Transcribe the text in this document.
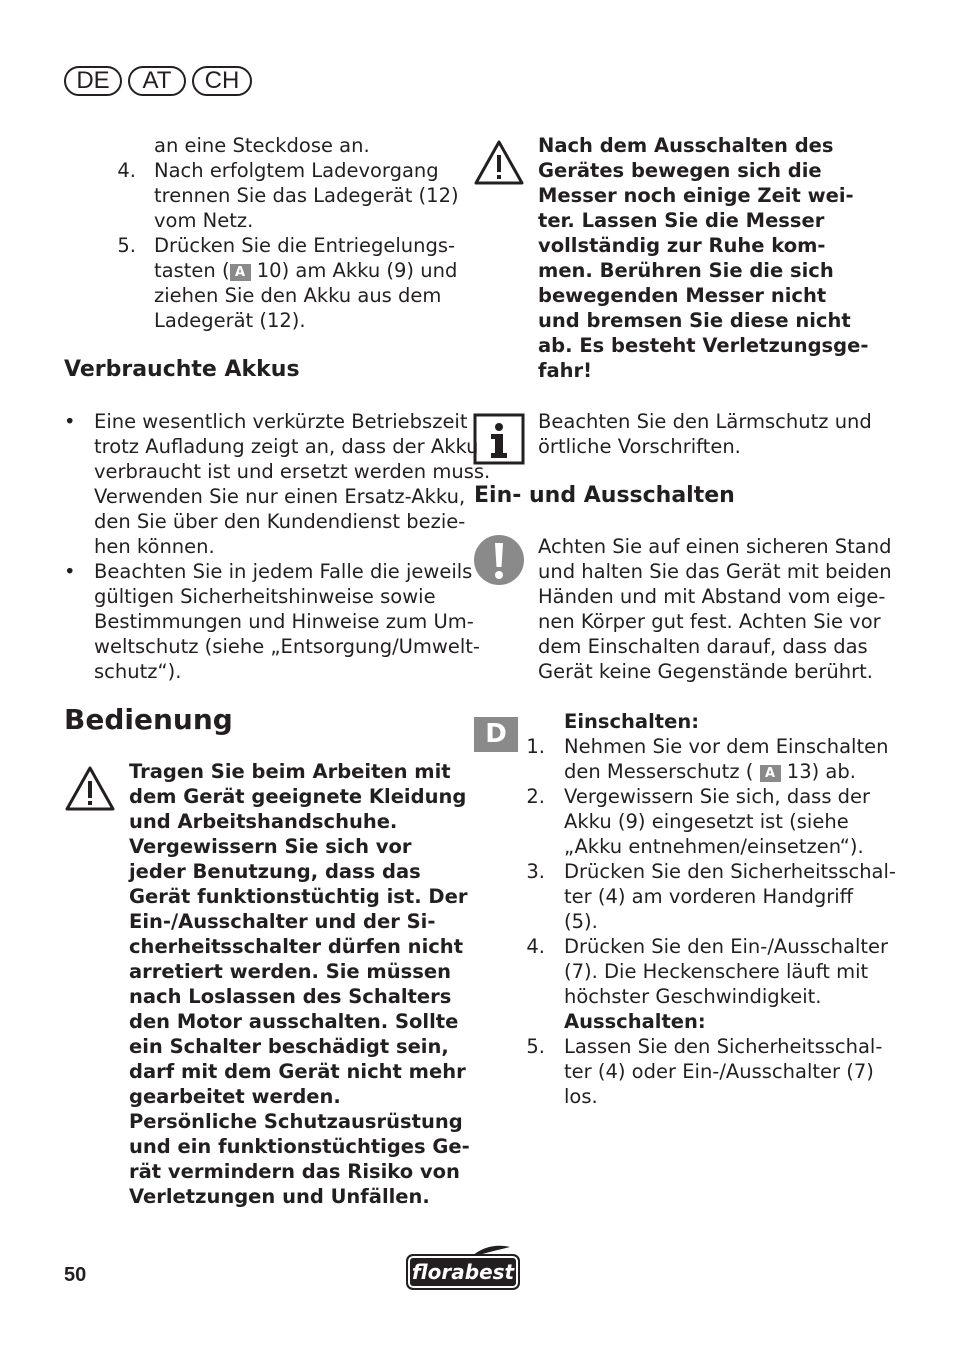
DE	AT	CH
an eine Steckdose an.
4. Nach erfolgtem Ladevorgang
trennen Sie das Ladegerät (12)
vom Netz.
5. Drücken Sie die Entriegelungs-
tasten ( A 10) am Akku (9) und
ziehen Sie den Akku aus dem
Ladegerät (12).
Verbrauchte Akkus
• Eine wesentlich verkürzte Betriebszeit
trotz Aufladung zeigt an, dass der Akku
verbraucht ist und ersetzt werden muss.
Verwenden Sie nur einen Ersatz-Akku,
den Sie über den Kundendienst bezie-
hen können.
• Beachten Sie in jedem Falle die jeweils
gültigen Sicherheitshinweise sowie
Bestimmungen und Hinweise zum Um-
weltschutz (siehe „Entsorgung/Umwelt-
schutz“).
Bedienung
Tragen Sie beim Arbeiten mit
dem Gerät geeignete Kleidung
und Arbeitshandschuhe.
Vergewissern Sie sich vor
jeder Benutzung, dass das
Gerät funktionstüchtig ist. Der
Ein-/Ausschalter und der Si-
cherheitsschalter dürfen nicht
arretiert werden. Sie müssen
nach Loslassen des Schalters
den Motor ausschalten. Sollte
ein Schalter beschädigt sein,
darf mit dem Gerät nicht mehr
gearbeitet werden.
Persönliche Schutzausrüstung
und ein funktionstüchtiges Ge-
rät vermindern das Risiko von
Verletzungen und Unfällen.
Nach dem Ausschalten des
Gerätes bewegen sich die
Messer noch einige Zeit wei-
ter. Lassen Sie die Messer
vollständig zur Ruhe kom-
men. Berühren Sie die sich
bewegenden Messer nicht
und bremsen Sie diese nicht
ab. Es besteht Verletzungsge-
fahr!
Beachten Sie den Lärmschutz und
örtliche Vorschriften.
Ein- und Ausschalten
Achten Sie auf einen sicheren Stand
und halten Sie das Gerät mit beiden
Händen und mit Abstand vom eige-
nen Körper gut fest. Achten Sie vor
dem Einschalten darauf, dass das
Gerät keine Gegenstände berührt.
D	Einschalten:
1. Nehmen Sie vor dem Einschalten
den Messerschutz ( A 13) ab.
2. Vergewissern Sie sich, dass der
Akku (9) eingesetzt ist (siehe
„Akku entnehmen/einsetzen“).
3. Drücken Sie den Sicherheitsschal-
ter (4) am vorderen Handgriff
(5).
4. Drücken Sie den Ein-/Ausschalter
(7). Die Heckenschere läuft mit
höchster Geschwindigkeit.
Ausschalten:
5. Lassen Sie den Sicherheitsschal-
ter (4) oder Ein-/Ausschalter (7)
los.
50	florabest
